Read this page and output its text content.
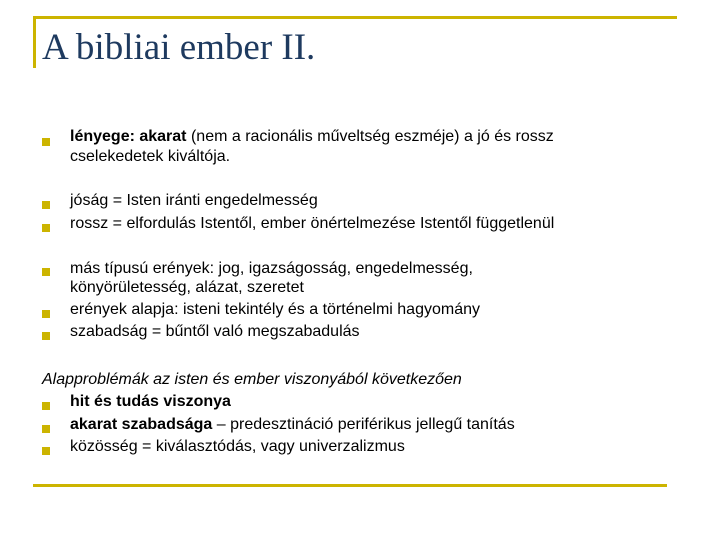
A bibliai ember II.
lényege: akarat (nem a racionális műveltség eszméje) a jó és rossz
cselekedetek kiváltója.
jóság = Isten iránti engedelmesség
rossz = elfordulás Istentől, ember önértelmezése Istentől függetlenül
más típusú erények: jog, igazságosság, engedelmesség,
könyörületesség, alázat, szeretet
erények alapja: isteni tekintély és a történelmi hagyomány
szabadság = bűntől való megszabadulás
Alapproblémák az isten és ember viszonyából következően
hit és tudás viszonya
akarat szabadsága – predesztináció periférikus jellegű tanítás
közösség = kiválasztódás, vagy univerzalizmus
